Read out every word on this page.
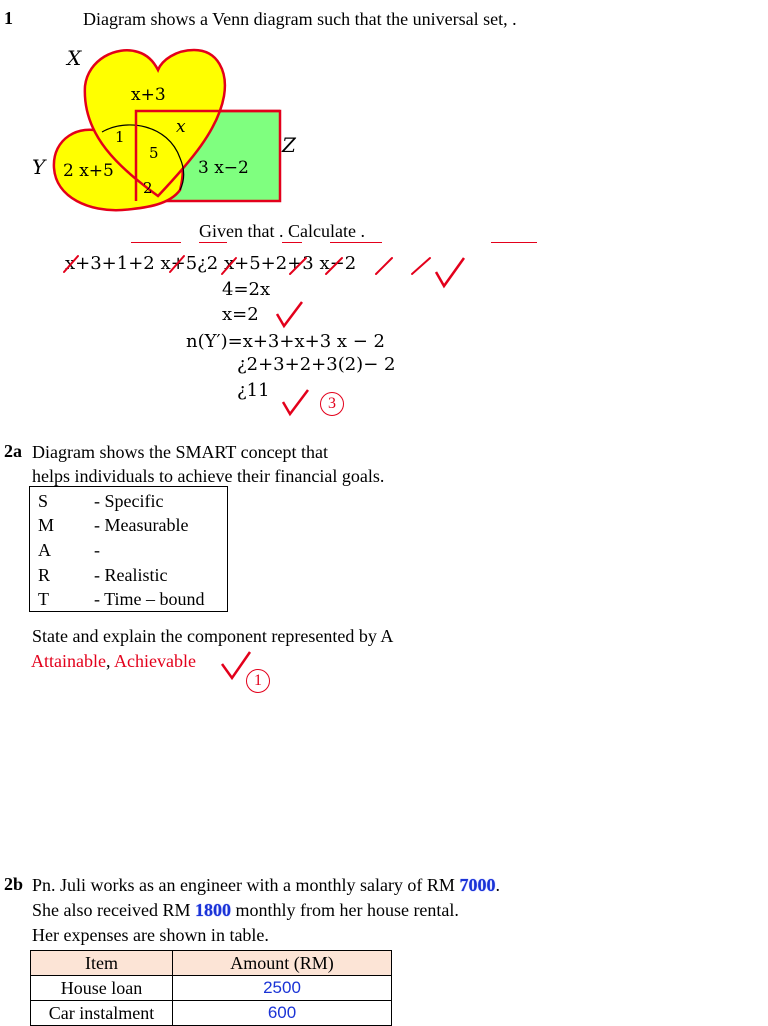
1	Diagram shows a Venn diagram such that the universal set, .
X
Y
Z
x+3
x
1
5
2 x+5
2
3 x−2
Given that . Calculate .
x+3+1+2 x+5¿2 x+5+2+3 x−2
4=2x
x=2
n(Y′)=x+3+x+3 x − 2
¿2+3+2+3(2)− 2
¿11
3
2a Diagram shows the SMART concept that
helps individuals to achieve their financial goals.
S	- Specific
M - Measurable
A -
R - Realistic
T	- Time – bound
State and explain the component represented by A
Attainable, Achievable
1
2b Pn. Juli works as an engineer with a monthly salary of RM 7000.
She also received RM 1800 monthly from her house rental.
Her expenses are shown in table.
Item	Amount (RM)
House loan	2500
Car instalment	600
